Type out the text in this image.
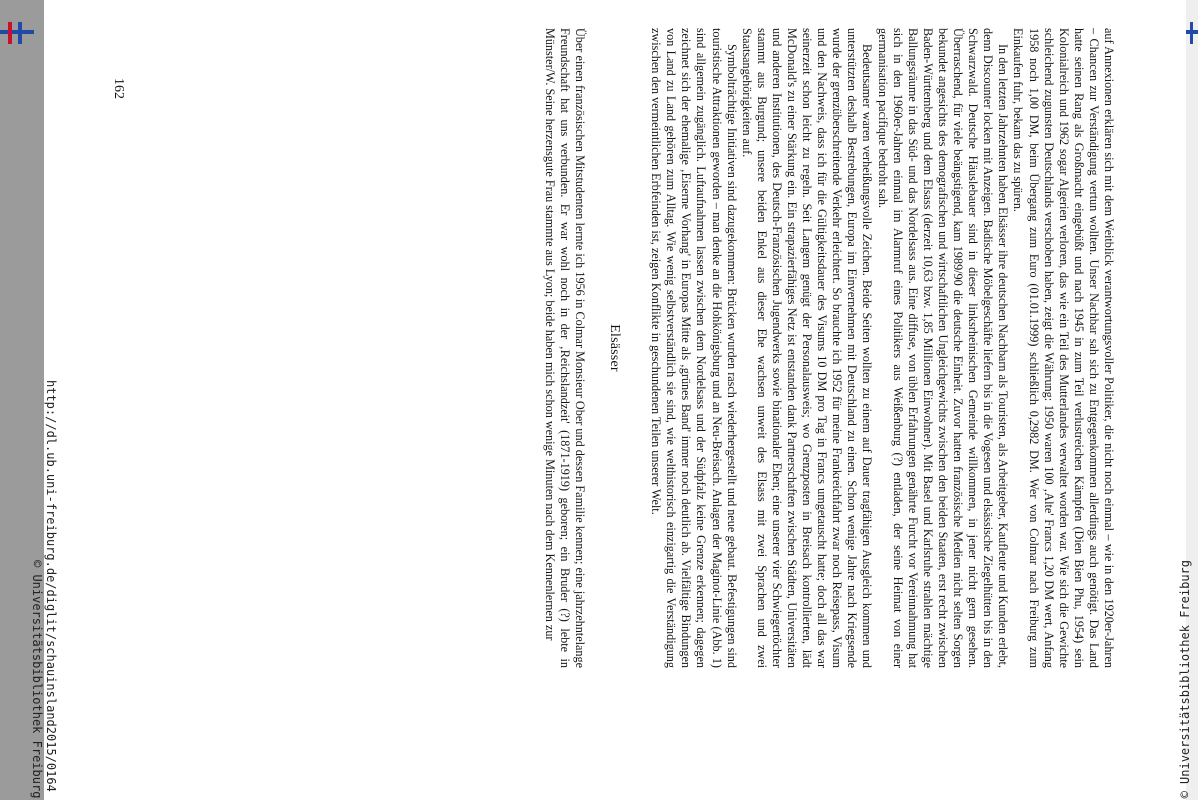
auf Annexionen erklären sich mit dem Weitblick verantwortungsvoller Politiker, die nicht noch einmal – wie in den 1920er-Jahren – Chancen zur Verständigung vertun wollten. Unser Nachbar sah sich zu Entgegenkommen allerdings auch genötigt. Das Land hatte seinen Rang als Großmacht eingebüßt und nach 1945 in zum Teil verlustreichen Kämpfen (Dien Bien Phu, 1954) sein Kolonialreich und 1962 sogar Algerien verloren, das wie ein Teil des Mutterlandes verwaltet worden war. Wie sich die Gewichte schleichend zugunsten Deutschlands verschoben haben, zeigt die Währung: 1950 waren 100 ‚Alte' Francs 1,20 DM wert, Anfang 1958 noch 1,00 DM, beim Übergang zum Euro (01.01.1999) schließlich 0,2982 DM. Wer von Colmar nach Freiburg zum Einkaufen fuhr, bekam das zu spüren.

In den letzten Jahrzehnten haben Elsässer ihre deutschen Nachbarn als Touristen, als Arbeitgeber, Kaufleute und Kunden erlebt, denn Discounter locken mit Anzeigen. Badische Möbelgeschäfte liefern bis in die Vogesen und elsässische Ziegelhütten bis in den Schwarzwald. Deutsche Häuslebauer sind in dieser linksrheinischen Gemeinde willkommen, in jener nicht gern gesehen. Überraschend, für viele beängstigend, kam 1989/90 die deutsche Einheit. Zuvor hatten französische Medien nicht selten Sorgen bekundet angesichts des demografischen und wirtschaftlichen Ungleichgewichts zwischen den beiden Staaten, erst recht zwischen Baden-Württemberg und dem Elsass (derzeit 10,63 bzw. 1,85 Millionen Einwohner). Mit Basel und Karlsruhe strahlen mächtige Ballungsräume in das Süd- und das Nordelsass aus. Eine diffuse, von üblen Erfahrungen genährte Furcht vor Vereinnahmung hat sich in den 1960er-Jahren einmal im Alarmruf eines Politikers aus Weißenburg (?) entladen, der seine Heimat von einer germanisation pacifique bedroht sah.

Bedeutsamer waren verheißungsvolle Zeichen. Beide Seiten wollten zu einem auf Dauer tragfähigen Ausgleich kommen und unterstützten deshalb Bestrebungen, Europa im Einvernehmen mit Deutschland zu einen. Schon wenige Jahre nach Kriegsende wurde der grenzüberschreitende Verkehr erleichtert. So brauchte ich 1952 für meine Frankreichfahrt zwar noch Reisepass, Visum und den Nachweis, dass ich für die Gültigkeitsdauer des Visums 10 DM pro Tag in Francs umgetauscht hatte; doch all das war seinerzeit schon leicht zu regeln. Seit Langem genügt der Personalausweis; wo Grenzposten in Breisach kontrollierten, lädt McDonald's zu einer Stärkung ein. Ein strapazierfähiges Netz ist entstanden dank Partnerschaften zwischen Städten, Universitäten und anderen Institutionen, des Deutsch-Französischen Jugendwerks sowie binationaler Ehen; eine unserer vier Schwiegertöchter stammt aus Burgund; unsere beiden Enkel aus dieser Ehe wachsen unweit des Elsass mit zwei Sprachen und zwei Staatsangehörigkeiten auf.

Symbolträchtige Initiativen sind dazugekommen: Brücken wurden rasch wiederhergestellt und neue gebaut. Befestigungen sind touristische Attraktionen geworden – man denke an die Hohkönigsburg und an Neu-Breisach. Anlagen der Maginot-Linie (Abb. 1) sind allgemein zugänglich. Luftaufnahmen lassen zwischen dem Nordelsass und der Südpfalz keine Grenze erkennen; dagegen zeichnet sich der ehemalige ‚Eiserne Vorhang' in Europas Mitte als ‚grünes Band' immer noch deutlich ab. Vielfältige Bindungen von Land zu Land gehören zum Alltag. Wie wenig selbstverständlich sie sind, wie welthistorisch einzigartig die Verständigung zwischen den vermeintlichen Erbfeinden ist, zeigen Konflikte in geschundenen Teilen unserer Welt.

Elsässer

Über einen französischen Mitstudenten lernte ich 1956 in Colmar Monsieur Ober und dessen Familie kennen; eine jahrzehntelange Freundschaft hat uns verbunden. Er war wohl noch in der ‚Reichslandzeit' (1871-1919) geboren; ein Bruder (?) lebte in Münster/W. Seine herzensgute Frau stammte aus Lyon; beide haben mich schon wenige Minuten nach dem Kennenlernen zur

162
http://dl.ub.uni-freiburg.de/diglit/schauinsland2015/0164
© Universitätsbibliothek Freiburg	© Universitätsbibliothek Freiburg
